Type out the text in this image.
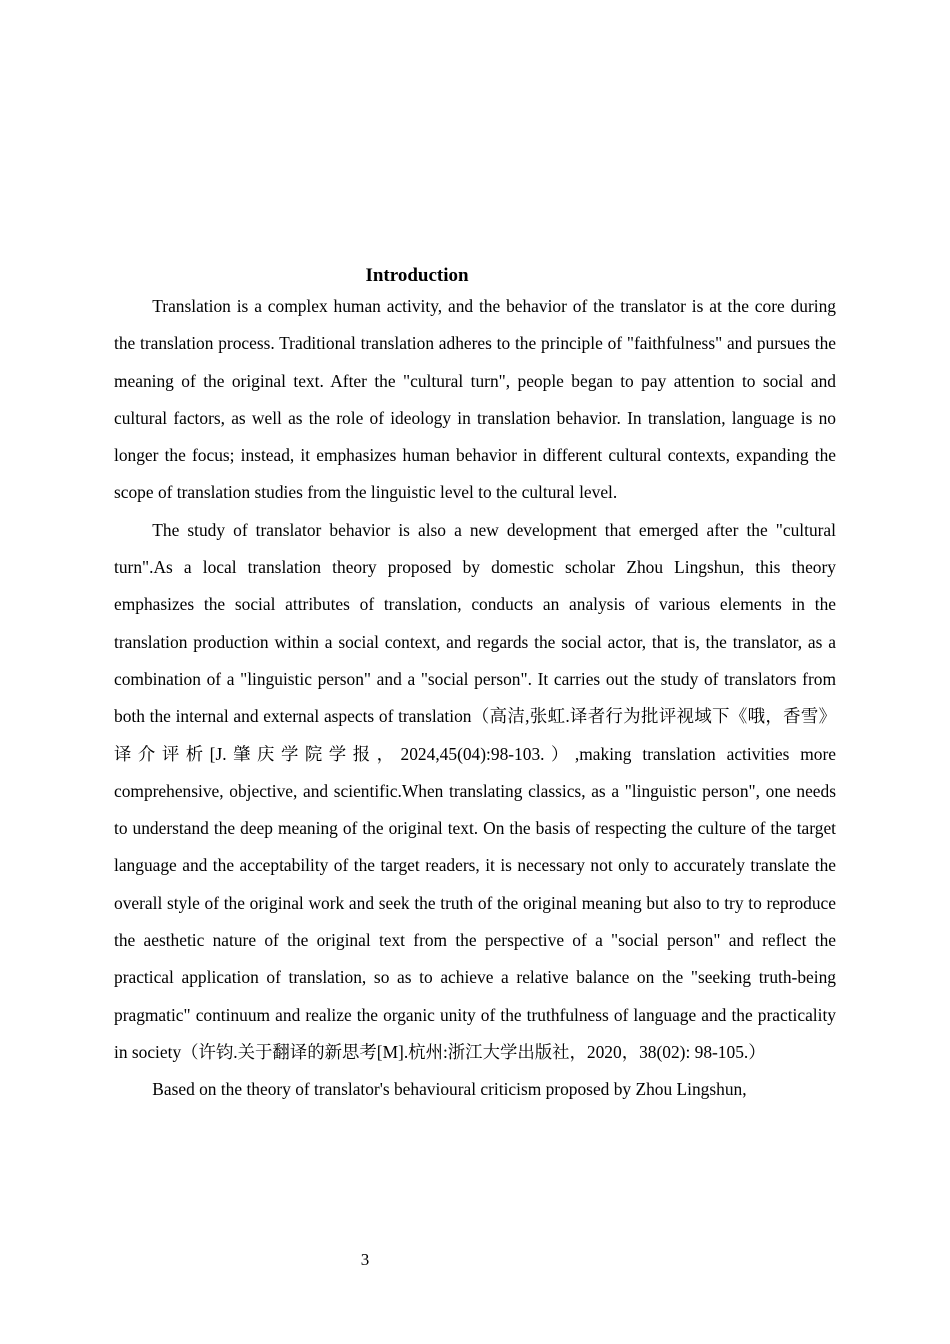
Introduction

Translation is a complex human activity, and the behavior of the translator is at the core during the translation process. Traditional translation adheres to the principle of "faithfulness" and pursues the meaning of the original text. After the "cultural turn", people began to pay attention to social and cultural factors, as well as the role of ideology in translation behavior. In translation, language is no longer the focus; instead, it emphasizes human behavior in different cultural contexts, expanding the scope of translation studies from the linguistic level to the cultural level.

The study of translator behavior is also a new development that emerged after the "cultural turn".As a local translation theory proposed by domestic scholar Zhou Lingshun, this theory emphasizes the social attributes of translation, conducts an analysis of various elements in the translation production within a social context, and regards the social actor, that is, the translator, as a combination of a "linguistic person" and a "social person". It carries out the study of translators from both the internal and external aspects of translation（高洁,张虹.译者行为批评视域下《哦，香雪》译介评析[J.肇庆学院学报，2024,45(04):98-103.）,making translation activities more comprehensive, objective, and scientific.When translating classics, as a "linguistic person", one needs to understand the deep meaning of the original text. On the basis of respecting the culture of the target language and the acceptability of the target readers, it is necessary not only to accurately translate the overall style of the original work and seek the truth of the original meaning but also to try to reproduce the aesthetic nature of the original text from the perspective of a "social person" and reflect the practical application of translation, so as to achieve a relative balance on the "seeking truth-being pragmatic" continuum and realize the organic unity of the truthfulness of language and the practicality in society（许钧.关于翻译的新思考[M].杭州:浙江大学出版社，2020，38(02): 98-105.）

Based on the theory of translator's behavioural criticism proposed by Zhou Lingshun,

3
